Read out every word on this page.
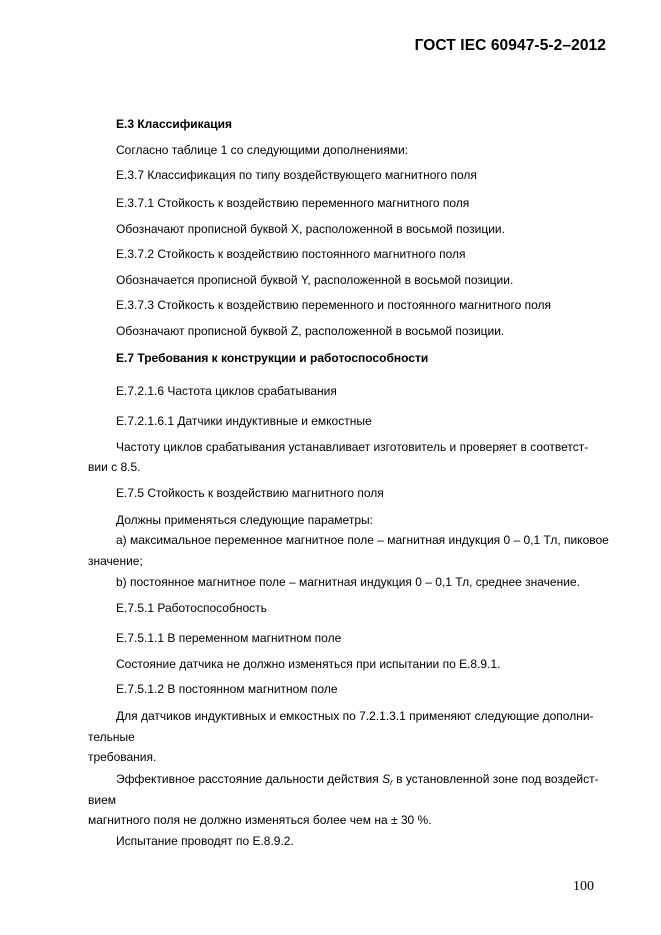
ГОСТ IEC 60947-5-2–2012

Е.3 Классификация

Согласно таблице 1 со следующими дополнениями:

Е.3.7 Классификация по типу воздействующего магнитного поля

Е.3.7.1 Стойкость к воздействию переменного магнитного поля

Обозначают прописной буквой X, расположенной в восьмой позиции.

Е.3.7.2 Стойкость к воздействию постоянного магнитного поля

Обозначается прописной буквой Y, расположенной в восьмой позиции.

Е.3.7.3 Стойкость к воздействию переменного и постоянного магнитного поля

Обозначают прописной буквой Z, расположенной в восьмой позиции.

Е.7 Требования к конструкции и работоспособности

Е.7.2.1.6 Частота циклов срабатывания

Е.7.2.1.6.1 Датчики индуктивные и емкостные

Частоту циклов срабатывания устанавливает изготовитель и проверяет в соответст-

вии с 8.5.

Е.7.5 Стойкость к воздействию магнитного поля

Должны применяться следующие параметры:

а) максимальное переменное магнитное поле – магнитная индукция 0 – 0,1 Тл, пиковое

значение;

b) постоянное магнитное поле – магнитная индукция 0 – 0,1 Тл, среднее значение.

Е.7.5.1 Работоспособность

Е.7.5.1.1 В переменном магнитном поле

Состояние датчика не должно изменяться при испытании по Е.8.9.1.

Е.7.5.1.2 В постоянном магнитном поле

Для датчиков индуктивных и емкостных по 7.2.1.3.1 применяют следующие дополни-

тельные

требования.

Эффективное расстояние дальности действия $S_r$ в установленной зоне под воздейст-

вием

магнитного поля не должно изменяться более чем на ± 30 %.

Испытание проводят по Е.8.9.2.

100
